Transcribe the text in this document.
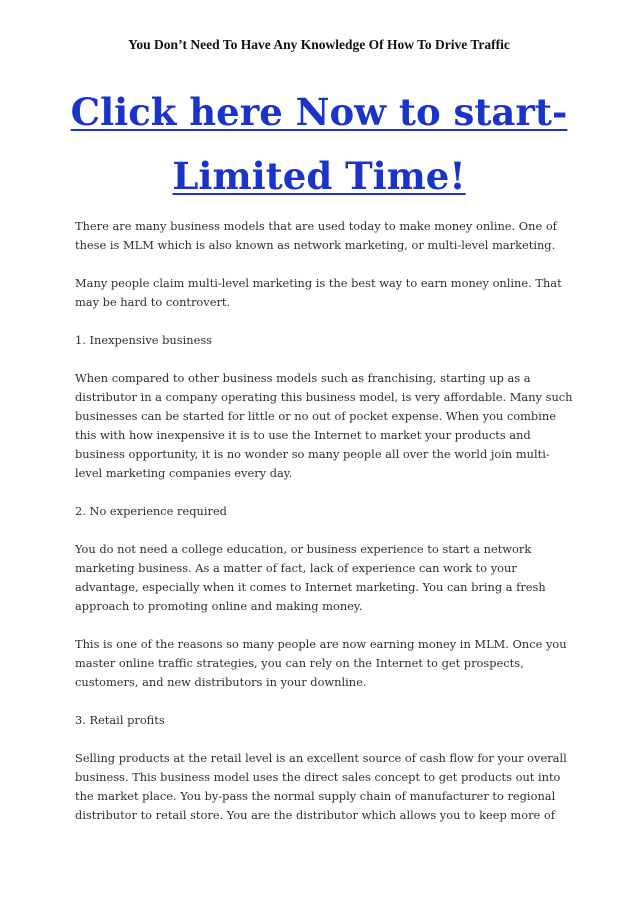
You Don’t Need To Have Any Knowledge Of How To Drive Traffic
Click here Now to start- Limited Time!

There are many business models that are used today to make money online. One of these is MLM which is also known as network marketing, or multi-level marketing.

Many people claim multi-level marketing is the best way to earn money online. That may be hard to controvert.

1. Inexpensive business

When compared to other business models such as franchising, starting up as a distributor in a company operating this business model, is very affordable. Many such businesses can be started for little or no out of pocket expense. When you combine this with how inexpensive it is to use the Internet to market your products and business opportunity, it is no wonder so many people all over the world join multi-level marketing companies every day.

2. No experience required

You do not need a college education, or business experience to start a network marketing business. As a matter of fact, lack of experience can work to your advantage, especially when it comes to Internet marketing. You can bring a fresh approach to promoting online and making money.

This is one of the reasons so many people are now earning money in MLM. Once you master online traffic strategies, you can rely on the Internet to get prospects, customers, and new distributors in your downline.

3. Retail profits

Selling products at the retail level is an excellent source of cash flow for your overall business. This business model uses the direct sales concept to get products out into the market place. You by-pass the normal supply chain of manufacturer to regional distributor to retail store. You are the distributor which allows you to keep more of
